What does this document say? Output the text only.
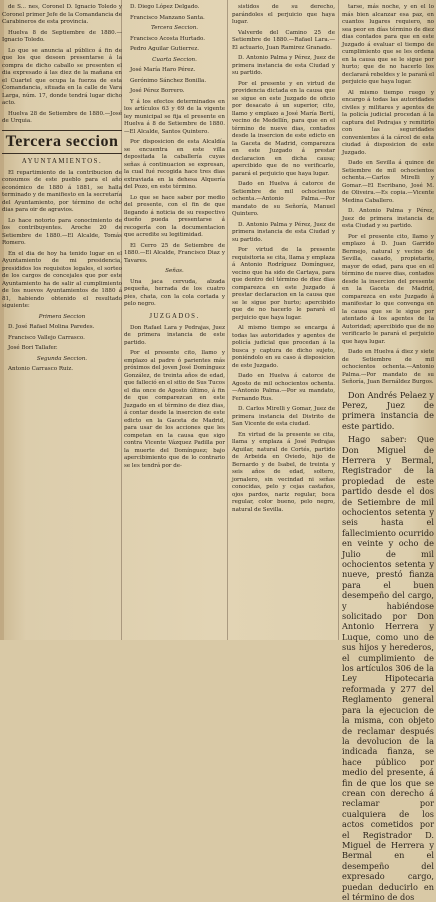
de S... nes, Coronel D. Ignacio Toledo y Coronel primer Jefe de la Comandancia de Carabineros de esta provincia.

Huelva 8 de Septiembre de 1880.—Ignacio Toledo.

Lo que se anuncia al público á fin de que los que deseen presentarse á la compra de dicho caballo se presenten el dia expresado á las diez de la mañana en el Cuartel que ocupa la fuerza de esta Comandancia, situada en la calle de Vara Larga, núm. 17, donde tendrá lugar dicho acto.

Huelva 28 de Setiembre de 1880.—José de Urquia.

Tercera seccion
AYUNTAMIENTOS.

El repartimiento de la contribucion de consumos de este pueblo para el año económico de 1880 á 1881, se halla terminado y de manifiesto en la secretaría del Ayuntamiento, por término de ocho dias para oir de agravios.

Lo hace notorio para conocimiento de los contribuyentes. Aroche 20 de Setiembre de 1880.—El Alcalde, Tomás Romero.

En el dia de hoy ha tenido lugar en el Ayuntamiento de mi presidencia, presididos los requisitos legales, el sorteo de los cargos de concejales que por este Ayuntamiento ha de salir al cumplimiento de los nuevos Ayuntamientos de 1880 á 81, habiendo obtenido el resultado siguiente:

Primera Seccion

D. José Rafael Molina Paredes.

Francisco Vallejo Carrasco.

José Bori Tallafer.

Segunda Seccion.

Antonio Carrasco Ruiz.

D. Diego López Delgado.

Francisco Manzano Santa.

Tercera Seccion.

Francisco Acosta Hurtado.

Pedro Aguilar Gutierrez.

Cuarta Seccion.

José María Haro Pérez.

Gerónimo Sánchez Bonilla.

José Pérez Borrero.

Y á los efectos determinados en los artículos 63 y 69 de la vigente ley municipal se fija el presente en Huelva á 8 de Setiembre de 1880.—El Alcalde, Santos Quintero.

Por disposicion de esta Alcaldía se encuentra en este villa depositada la caballería cuyas señas á continuacion se expresan, la cual fué recogida hace tres dias extraviada en la dehesa Alquería del Pozo, en este término.

Lo que se hace saber por medio del presente, con el fin de que llegando á noticia de su respectivo dueño pueda presentarse á recogerla con la documentacion que acredite su legitimidad.

El Cerro 25 de Setiembre de 1880.—El Alcalde, Francisco Diaz y Tavares.

Señas.

Una jaca cervuda, alzada pequeña, herrada de los cuatro pies, chata, con la cola cortada y pelo negro.

JUZGADOS.

Don Rafael Lara y Pedrajas, Juez de primera instancia de este partido.

Por el presente cito, llamo y emplazo al padre ó parientes más próximos del joven José Domínguez González, de treinta años de edad, que falleció en el sitio de Sus Tucos el dia once de Agosto último, á fin de que comparezcan en este Juzgado en el término de diez dias, á contar desde la insercion de este edicto en la Gaceta de Madrid, para usar de los acciones que les competan en la causa que sigo contra Vicente Vázquez Padilla por la muerte del Domínguez; bajo apercibimiento que de lo contrario se les tendrá por de-

sistidos de su derecho, parándoles el perjuicio que haya lugar.

Valverde del Camino 25 de Setiembre de 1880.—Rafael Lara.—El actuario, Juan Ramirez Granado.

D. Antonio Palma y Pérez, Juez de primera instancia de esta Ciudad y su partido.

Por el presente y en virtud de providencia dictada en la causa que se sigue en este Juzgado de oficio por desacato á un superior, cito, llamo y emplazo a José María Bertí, vecino de Medellín, para que en el término de nueve dias, contados desde la insercion de este edicto en la Gaceta de Madrid, comparezca en este Juzgado á prestar declaracion en dicha causa; apercibido que de no verificarlo, parará el perjuicio que haya lugar.

Dado en Huelva á catorce de Setiembre de mil ochocientos ochenta.—Antonio Palma.—Por mandato de su Señoría, Manuel Quintero.

D. Antonio Palma y Pérez, Juez de primera instancia de esta Ciudad y su partido.

Por virtud de la presente requisitoria se cita, llama y emplaza á Antonio Rodríguez Domínguez, vecino que ha sido de Cartaya, para que dentro del término de diez dias comparezca en este Juzgado á prestar declaracion en la causa que se le sigue por hurto; apercibido que de no hacerlo le parará el perjuicio que haya lugar.

Al mismo tiempo se encarga á todas las autoridades y agentes de policía judicial que procedan á la busca y captura de dicho sujeto, poniéndolo en su caso á disposicion de este Juzgado.

Dado en Huelva á catorce de Agosto de mil ochocientos ochenta.—Antonio Palma.—Por su mandato, Fernando Rus.

D. Carlos Mirelli y Gomar, Juez de primera instancia del Distrito de San Vicente de esta ciudad.

En virtud de la presente se cita, llama y emplaza á José Pedrajas Aguilar, natural de Cortés, partido de Arbeida en Oviedo, hijo de Bernardo y de Isabel, de treinta y seis años de edad, soltero, jornalero, sin vecindad ni señas conocidas, pelo y cejas castaños, ojos pardos, nariz regular, boca regular, color bueno, pelo negro, natural de Sevilla.

tarse, más noche, y en el lo más bien alcanzar esa paz, en cuantos lugares requiero, no sea peor en días término de diez dias contados para que en este Juzgado á evaluar el tiempo de cumplimiento que se les ordena en la causa que se le sigue por hurto; que de no hacerlo los declarará rebeldes y le parará el perjuicio que haya lugar.

Al mismo tiempo ruego y encargo á todas las autoridades civiles y militares y agentes de la policía judicial procedan á la captura del Pedrajas y remitirlo con las seguridades convenientes á la cárcel de esta ciudad á disposicion de este Juzgado.

Dado en Sevilla á quince de Setiembre de mil ochocientos ochenta.—Carlos Mirelli y Gomar.—El Escribano, José M. de Oliveira.—Es copia.—Vicente Medina Caballero.

D. Antonio Palma y Pérez, Juez de primera instancia de esta Ciudad y su partido.

Por el presente cito, llamo y emplazo á D. Juan Garrido Bermejo, natural y vecino de Sevilla, casado, propietario, mayor de edad, para que en el término de nueve dias, contados desde la insercion del presente en la Gaceta de Madrid, comparezca en este Juzgado á manifestar lo que convenga en la causa que se le sigue por atentado á los agentes de la Autoridad; apercibido que de no verificarlo le parará el perjuicio que haya lugar.

Dado en Huelva á diez y siete de Setiembre de mil ochocientos ochenta.—Antonio Palma.—Por mandato de su Señoría, Juan Bernáldez Burgos.

Don Andrés Pelaez y Perez, Juez de primera instancia de este partido.

Hago saber: Que Don Miguel de Herrera y Bermal, Registrador de la propiedad de este partido desde el dos de Setiembre de mil ochocientos setenta y seis hasta el fallecimiento ocurrido en veinte y ocho de Julio de mil ochocientos setenta y nueve, prestó fianza para el buen desempeño del cargo, y habiéndose solicitado por Don Antonio Herrera y Luque, como uno de sus hijos y herederos, el cumplimiento de los artículos 306 de la Ley Hipotecaria reformada y 277 del Reglamento general para la ejecucion de la misma, con objeto de reclamar después la devolucion de la indicada fianza, se hace público por medio del presente, á fin de que los que se crean con derecho á reclamar por cualquiera de los actos cometidos por el Registrador D. Miguel de Herrera y Bermal en el desempeño del expresado cargo, puedan deducirlo en el término de dos
